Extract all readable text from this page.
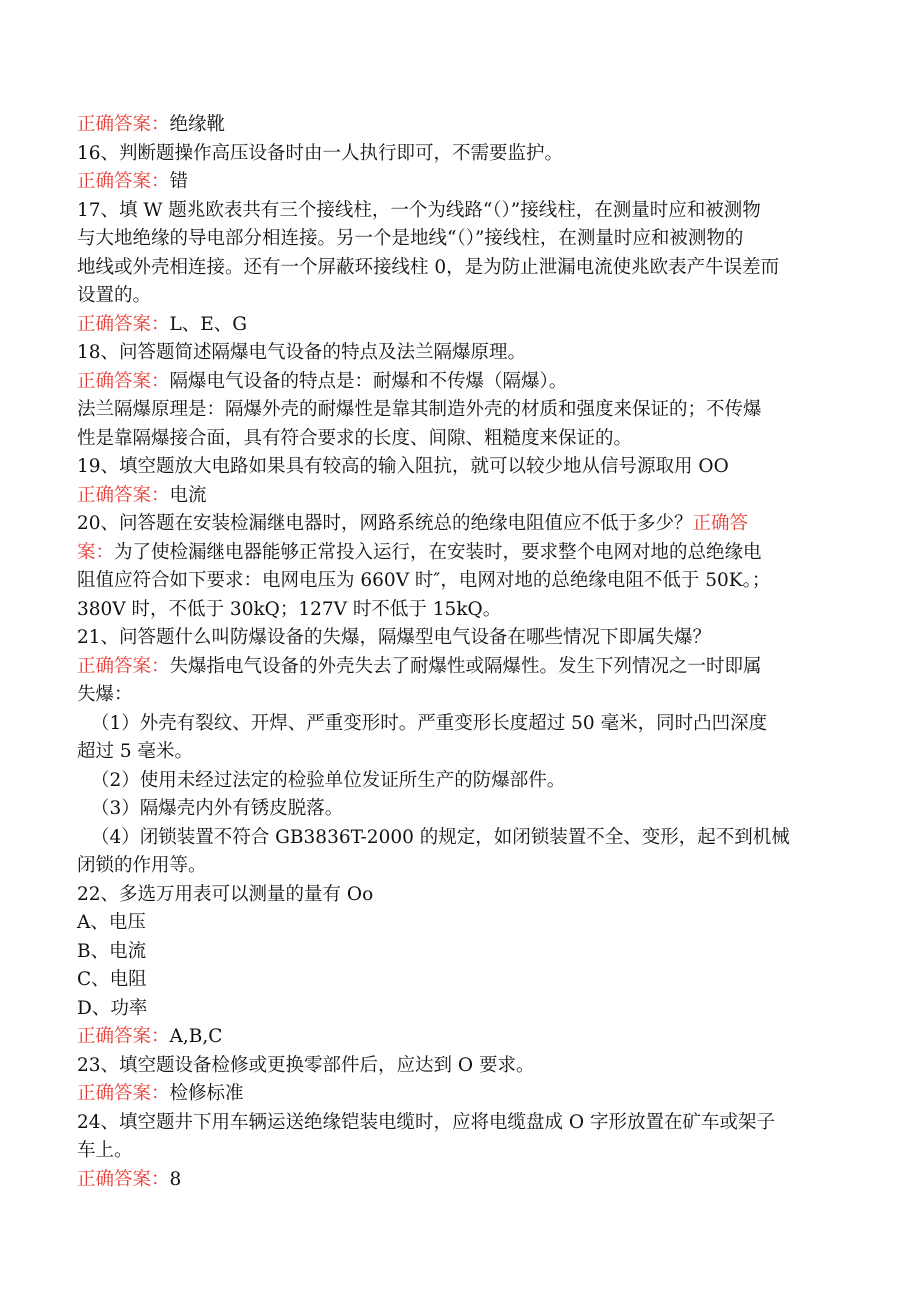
正确答案：绝缘靴

16、判断题操作高压设备时由一人执行即可，不需要监护。

正确答案：错

17、填 W 题兆欧表共有三个接线柱，一个为线路“（）”接线柱，在测量时应和被测物

与大地绝缘的导电部分相连接。另一个是地线“（）”接线柱，在测量时应和被测物的

地线或外壳相连接。还有一个屏蔽环接线柱 0，是为防止泄漏电流使兆欧表产牛误差而

设置的。

正确答案：L、E、G

18、问答题简述隔爆电气设备的特点及法兰隔爆原理。

正确答案：隔爆电气设备的特点是：耐爆和不传爆（隔爆）。

法兰隔爆原理是：隔爆外壳的耐爆性是靠其制造外壳的材质和强度来保证的；不传爆

性是靠隔爆接合面，具有符合要求的长度、间隙、粗糙度来保证的。

19、填空题放大电路如果具有较高的输入阻抗，就可以较少地从信号源取用 OO

正确答案：电流

20、问答题在安装检漏继电器时，网路系统总的绝缘电阻值应不低于多少？正确答

案：为了使检漏继电器能够正常投入运行，在安装时，要求整个电网对地的总绝缘电

阻值应符合如下要求：电网电压为 660V 时″，电网对地的总绝缘电阻不低于 50K。；

380V 时，不低于 30kQ；127V 时不低于 15kQ。

21、问答题什么叫防爆设备的失爆，隔爆型电气设备在哪些情况下即属失爆？

正确答案：失爆指电气设备的外壳失去了耐爆性或隔爆性。发生下列情况之一时即属

失爆：

（1）外壳有裂纹、开焊、严重变形时。严重变形长度超过 50 毫米，同时凸凹深度

超过 5 毫米。

（2）使用未经过法定的检验单位发证所生产的防爆部件。

（3）隔爆壳内外有锈皮脱落。

（4）闭锁装置不符合 GB3836T-2000 的规定，如闭锁装置不全、变形，起不到机械

闭锁的作用等。

22、多选万用表可以测量的量有 Oo

A、电压

B、电流

C、电阻

D、功率

正确答案：A,B,C

23、填空题设备检修或更换零部件后，应达到 O 要求。

正确答案：检修标准

24、填空题井下用车辆运送绝缘铠装电缆时，应将电缆盘成 O 字形放置在矿车或架子

车上。

正确答案：8
